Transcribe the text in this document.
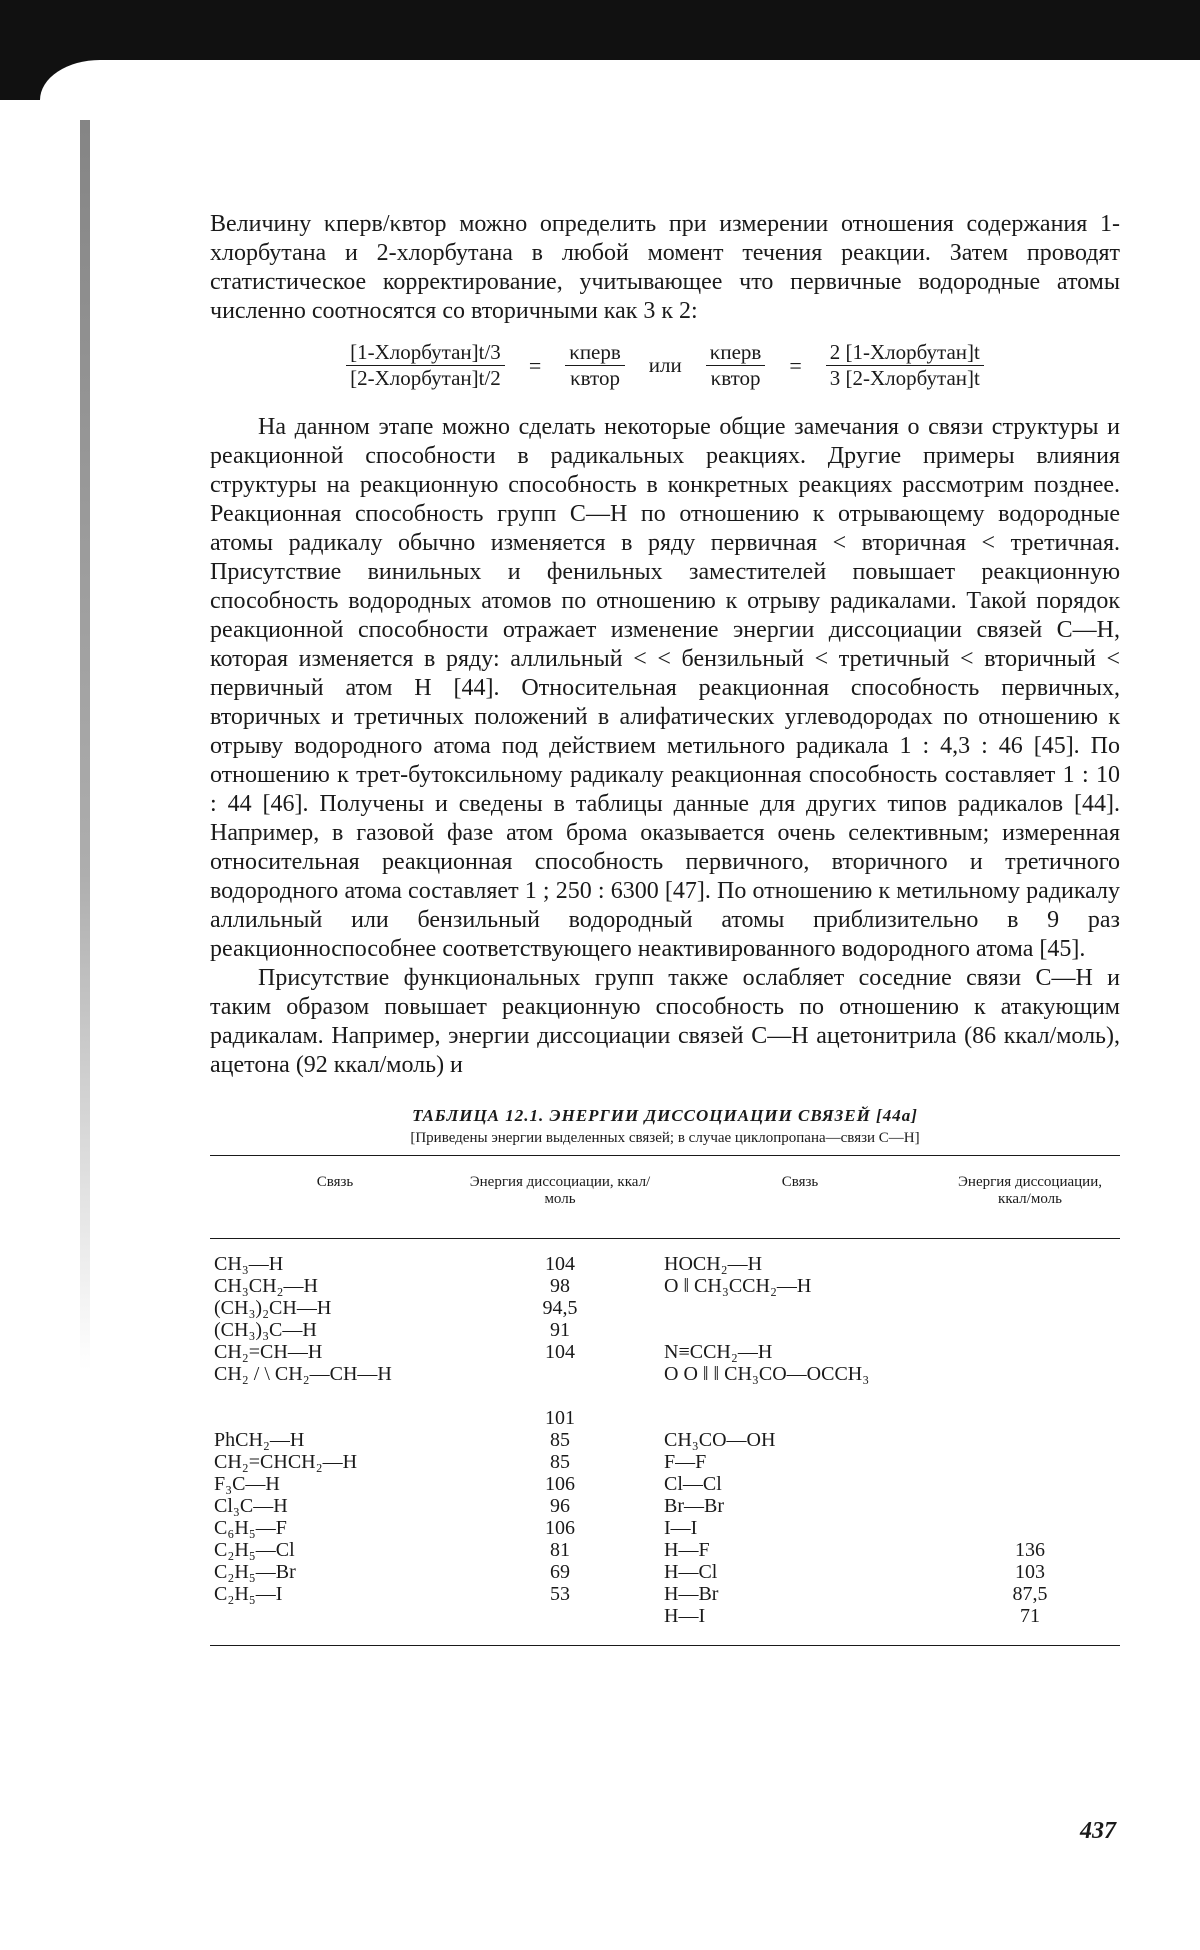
Величину κперв/κвтор можно определить при измерении отношения содержания 1-хлорбутана и 2-хлорбутана в любой момент течения реакции. Затем проводят статистическое корректирование, учитывающее что первичные водородные атомы численно соотносятся со вторичными как 3 к 2:

$\frac{\text{[1-Хлорбутан]t/3}}{\text{[2-Хлорбутан]t/2}} = \frac{\text{κперв}}{\text{κвтор}}$ или $\frac{\text{κперв}}{\text{κвтор}} = \frac{\text{2 [1-Хлорбутан]t}}{\text{3 [2-Хлорбутан]t}}$

На данном этапе можно сделать некоторые общие замечания о связи структуры и реакционной способности в радикальных реакциях. Другие примеры влияния структуры на реакционную способность в конкретных реакциях рассмотрим позднее. Реакционная способность групп С—Н по отношению к отрывающему водородные атомы радикалу обычно изменяется в ряду первичная < вторичная < третичная. Присутствие винильных и фенильных заместителей повышает реакционную способность водородных атомов по отношению к отрыву радикалами. Такой порядок реакционной способности отражает изменение энергии диссоциации связей С—Н, которая изменяется в ряду: аллильный < < бензильный < третичный < вторичный < первичный атом Н [44]. Относительная реакционная способность первичных, вторичных и третичных положений в алифатических углеводородах по отношению к отрыву водородного атома под действием метильного радикала 1 : 4,3 : 46 [45]. По отношению к трет-бутоксильному радикалу реакционная способность составляет 1 : 10 : 44 [46]. Получены и сведены в таблицы данные для других типов радикалов [44]. Например, в газовой фазе атом брома оказывается очень селективным; измеренная относительная реакционная способность первичного, вторичного и третичного водородного атома составляет 1 ; 250 : 6300 [47]. По отношению к метильному радикалу аллильный или бензильный водородный атомы приблизительно в 9 раз реакционноспособнее соответствующего неактивированного водородного атома [45].

Присутствие функциональных групп также ослабляет соседние связи С—Н и таким образом повышает реакционную способность по отношению к атакующим радикалам. Например, энергии диссоциации связей С—Н ацетонитрила (86 ккал/моль), ацетона (92 ккал/моль) и

ТАБЛИЦА 12.1. ЭНЕРГИИ ДИССОЦИАЦИИ СВЯЗЕЙ [44а]
[Приведены энергии выделенных связей; в случае циклопропана—связи С—Н]
Связь	Энергия диссоциации, ккал/моль
Связь	Энергия диссоциации, ккал/моль
CH₃—H
CH₃CH₂—H
(CH₃)₂CH—H
(CH₃)₃C—H
CH₂=CH—H
CH₂ / \ CH₂—CH—H
PhCH₂—H
CH₂=CHCH₂—H
F₃C—H
Cl₃C—H
C₆H₅—F
C₂H₅—Cl
C₂H₅—Br
C₂H₅—I
104
98
94,5
91
104
101
85
85
106
96
106
81
69
53
HOCH₂—H
O ‖ CH₃CCH₂—H
N≡CCH₂—H
O O ‖ ‖ CH₃CO—OCCH₃
CH₃CO—OH
F—F
Cl—Cl
Br—Br
I—I
H—F
H—Cl
H—Br
H—I
136
103
87,5
71
437
